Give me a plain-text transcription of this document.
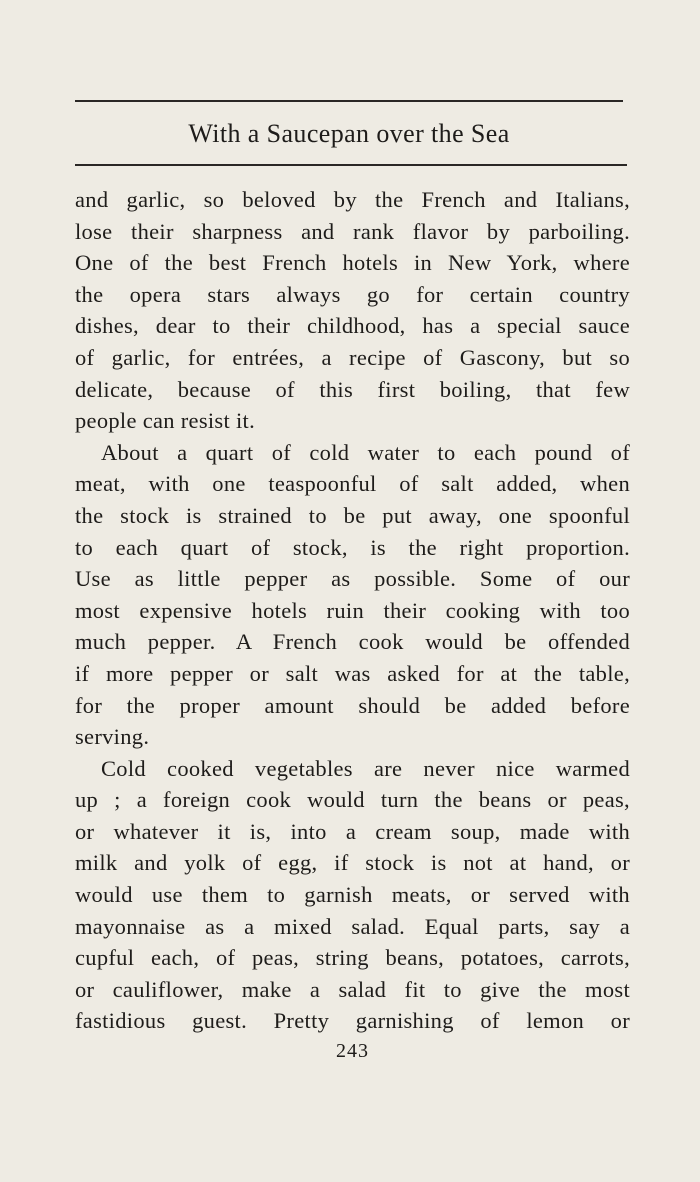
With a Saucepan over the Sea
and garlic, so beloved by the French and Italians,
lose their sharpness and rank flavor by parboiling.
One of the best French hotels in New York, where
the opera stars always go for certain country
dishes, dear to their childhood, has a special sauce
of garlic, for entrées, a recipe of Gascony, but so
delicate, because of this first boiling, that few
people can resist it.
About a quart of cold water to each pound of
meat, with one teaspoonful of salt added, when
the stock is strained to be put away, one spoonful
to each quart of stock, is the right proportion.
Use as little pepper as possible. Some of our
most expensive hotels ruin their cooking with too
much pepper. A French cook would be offended
if more pepper or salt was asked for at the table,
for the proper amount should be added before
serving.
Cold cooked vegetables are never nice warmed
up ; a foreign cook would turn the beans or peas,
or whatever it is, into a cream soup, made with
milk and yolk of egg, if stock is not at hand, or
would use them to garnish meats, or served with
mayonnaise as a mixed salad. Equal parts, say a
cupful each, of peas, string beans, potatoes, carrots,
or cauliflower, make a salad fit to give the most
fastidious guest. Pretty garnishing of lemon or
243
